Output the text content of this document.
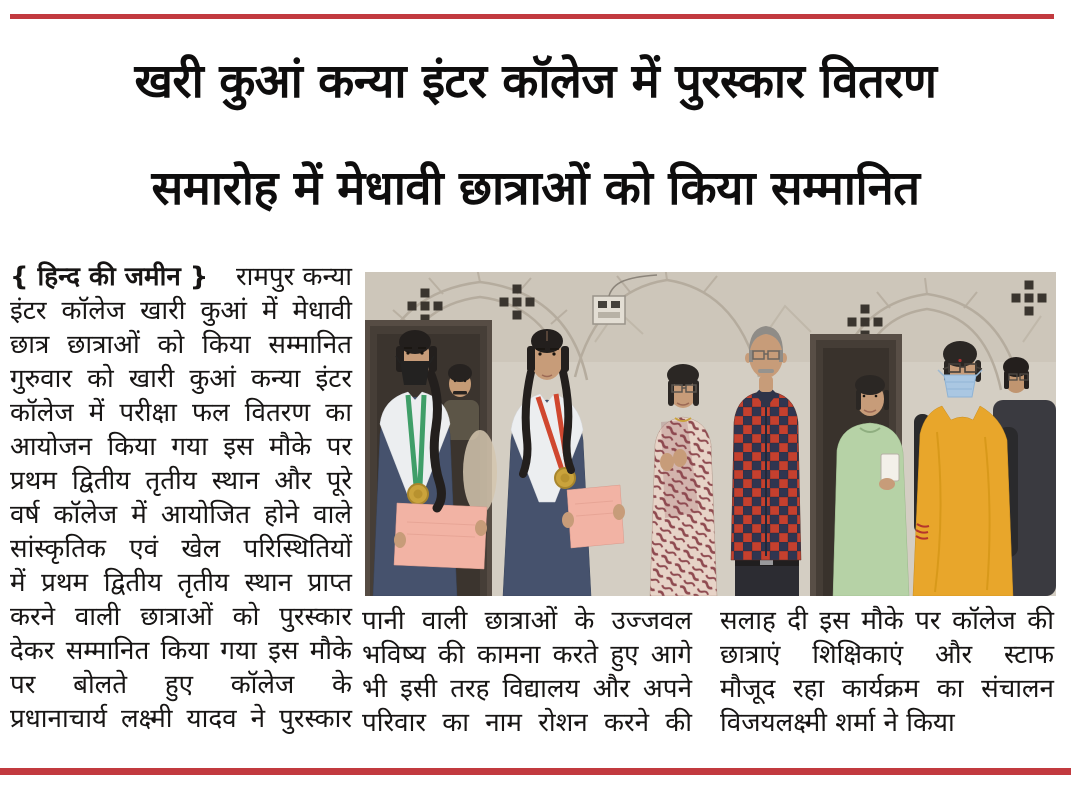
खरी कुआं कन्या इंटर कॉलेज में पुरस्कार वितरण
समारोह में मेधावी छात्राओं को किया सम्मानित
{ हिन्द की जमीन } रामपुर कन्या
इंटर कॉलेज खारी कुआं में मेधावी
छात्र छात्राओं को किया सम्मानित
गुरुवार को खारी कुआं कन्या इंटर
कॉलेज में परीक्षा फल वितरण का
आयोजन किया गया इस मौके पर
प्रथम द्वितीय तृतीय स्थान और पूरे
वर्ष कॉलेज में आयोजित होने वाले
सांस्कृतिक एवं खेल परिस्थितियों
में प्रथम द्वितीय तृतीय स्थान प्राप्त
करने वाली छात्राओं को पुरस्कार
देकर सम्मानित किया गया इस मौके
पर बोलते हुए कॉलेज के
प्रधानाचार्य लक्ष्मी यादव ने पुरस्कार
पानी वाली छात्राओं के उज्जवल
भविष्य की कामना करते हुए आगे
भी इसी तरह विद्यालय और अपने
परिवार का नाम रोशन करने की
सलाह दी इस मौके पर कॉलेज की
छात्राएं शिक्षिकाएं और स्टाफ
मौजूद रहा कार्यक्रम का संचालन
विजयलक्ष्मी शर्मा ने किया
